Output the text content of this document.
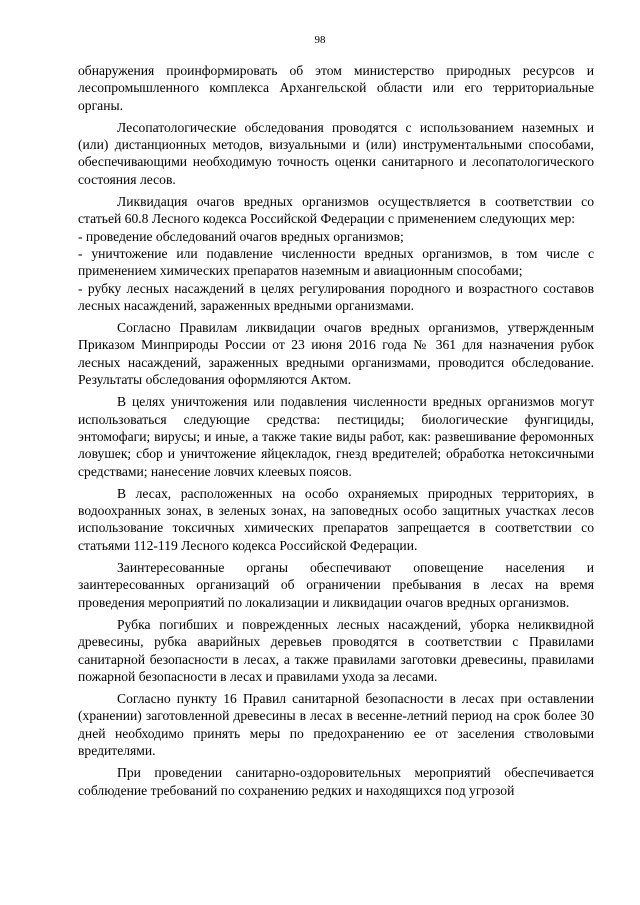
98

обнаружения проинформировать об этом министерство природных ресурсов и лесопромышленного комплекса Архангельской области или его территориальные органы.

Лесопатологические обследования проводятся с использованием наземных и (или) дистанционных методов, визуальными и (или) инструментальными способами, обеспечивающими необходимую точность оценки санитарного и лесопатологического состояния лесов.

Ликвидация очагов вредных организмов осуществляется в соответствии со статьей 60.8 Лесного кодекса Российской Федерации с применением следующих мер:

- проведение обследований очагов вредных организмов;

- уничтожение или подавление численности вредных организмов, в том числе с применением химических препаратов наземным и авиационным способами;

- рубку лесных насаждений в целях регулирования породного и возрастного составов лесных насаждений, зараженных вредными организмами.

Согласно Правилам ликвидации очагов вредных организмов, утвержденным Приказом Минприроды России от 23 июня 2016 года № 361 для назначения рубок лесных насаждений, зараженных вредными организмами, проводится обследование. Результаты обследования оформляются Актом.

В целях уничтожения или подавления численности вредных организмов могут использоваться следующие средства: пестициды; биологические фунгициды, энтомофаги; вирусы; и иные, а также такие виды работ, как: развешивание феромонных ловушек; сбор и уничтожение яйцекладок, гнезд вредителей; обработка нетоксичными средствами; нанесение ловчих клеевых поясов.

В лесах, расположенных на особо охраняемых природных территориях, в водоохранных зонах, в зеленых зонах, на заповедных особо защитных участках лесов использование токсичных химических препаратов запрещается в соответствии со статьями 112-119 Лесного кодекса Российской Федерации.

Заинтересованные органы обеспечивают оповещение населения и заинтересованных организаций об ограничении пребывания в лесах на время проведения мероприятий по локализации и ликвидации очагов вредных организмов.

Рубка погибших и поврежденных лесных насаждений, уборка неликвидной древесины, рубка аварийных деревьев проводятся в соответствии с Правилами санитарной безопасности в лесах, а также правилами заготовки древесины, правилами пожарной безопасности в лесах и правилами ухода за лесами.

Согласно пункту 16 Правил санитарной безопасности в лесах при оставлении (хранении) заготовленной древесины в лесах в весенне-летний период на срок более 30 дней необходимо принять меры по предохранению ее от заселения стволовыми вредителями.

При проведении санитарно-оздоровительных мероприятий обеспечивается соблюдение требований по сохранению редких и находящихся под угрозой
